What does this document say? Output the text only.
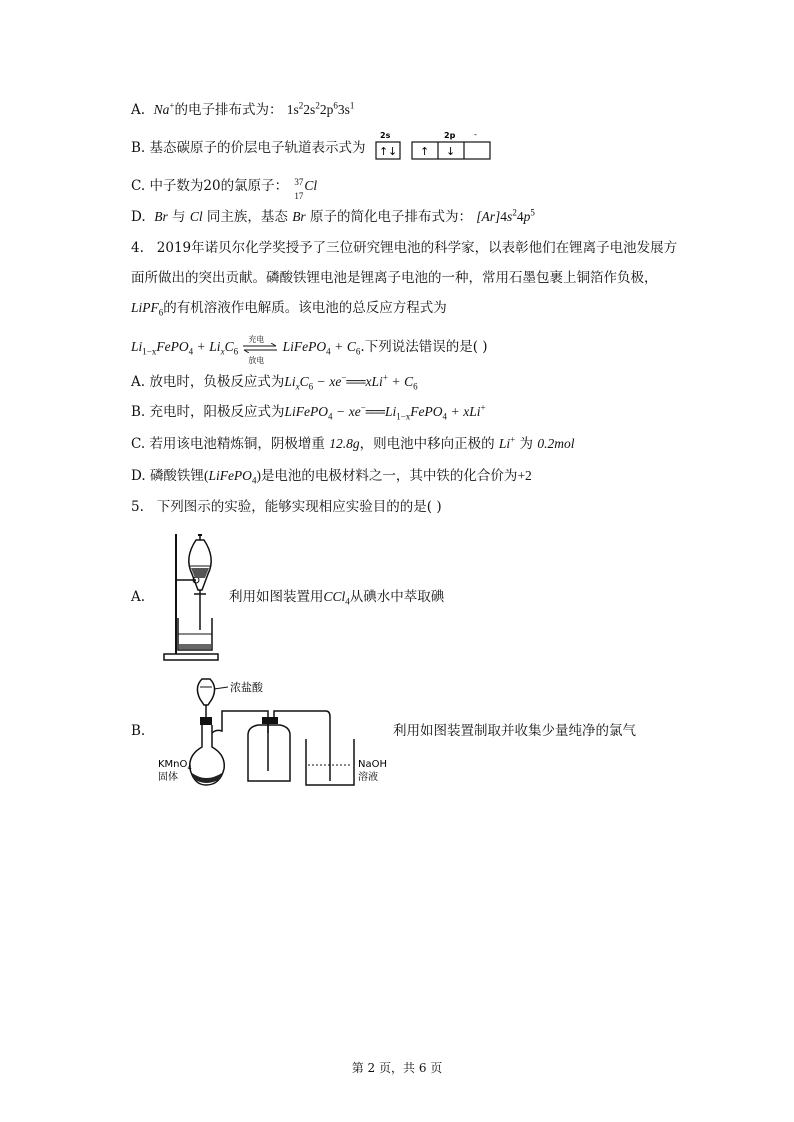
A. Na+的电子排布式为： $1s^22s^22p^63s^1$
B. 基态碳原子的价层电子轨道表示式为
2s	2p -
↑ ↓ ↑ ↓
C. 中子数为20的氯原子： 37
17
Cl
D. Br 与 Cl 同主族，基态 Br 原子的简化电子排布式为： $[Ar]4s^24p^5$
4. 2019年诺贝尔化学奖授予了三位研究锂电池的科学家，以表彰他们在锂离子电池发展方
面所做出的突出贡献。磷酸铁锂电池是锂离子电池的一种，常用石墨包裹上铜箔作负极，
LiPF$_6$的有机溶液作电解质。该电池的总反应方程式为
$Li_{1-x}FePO_4 + Li_xC_6$
充电
放电
LiFePO$_4$ + $C_6$.下列说法错误的是( )
A. 放电时，负极反应式为$Li_xC_6$ − xe−══xLi+ + $C_6$
B. 充电时，阳极反应式为LiFePO$_4$ − $xe^-══Li_{1-x}FePO_4 + xLi^+$
C. 若用该电池精炼铜，阴极增重 12.8g，则电池中移向正极的 Li+ 为 0.2mol
D. 磷酸铁锂(LiFePO$_4$)是电池的电极材料之一，其中铁的化合价为+2
5. 下列图示的实验，能够实现相应实验目的的是( )
A.	利用如图装置用CCl$_4$从碘水中萃取碘
B.
浓盐酸
KMnO$_4$
固体
NaOH
溶液
利用如图装置制取并收集少量纯净的氯气
第 2 页，共 6 页
